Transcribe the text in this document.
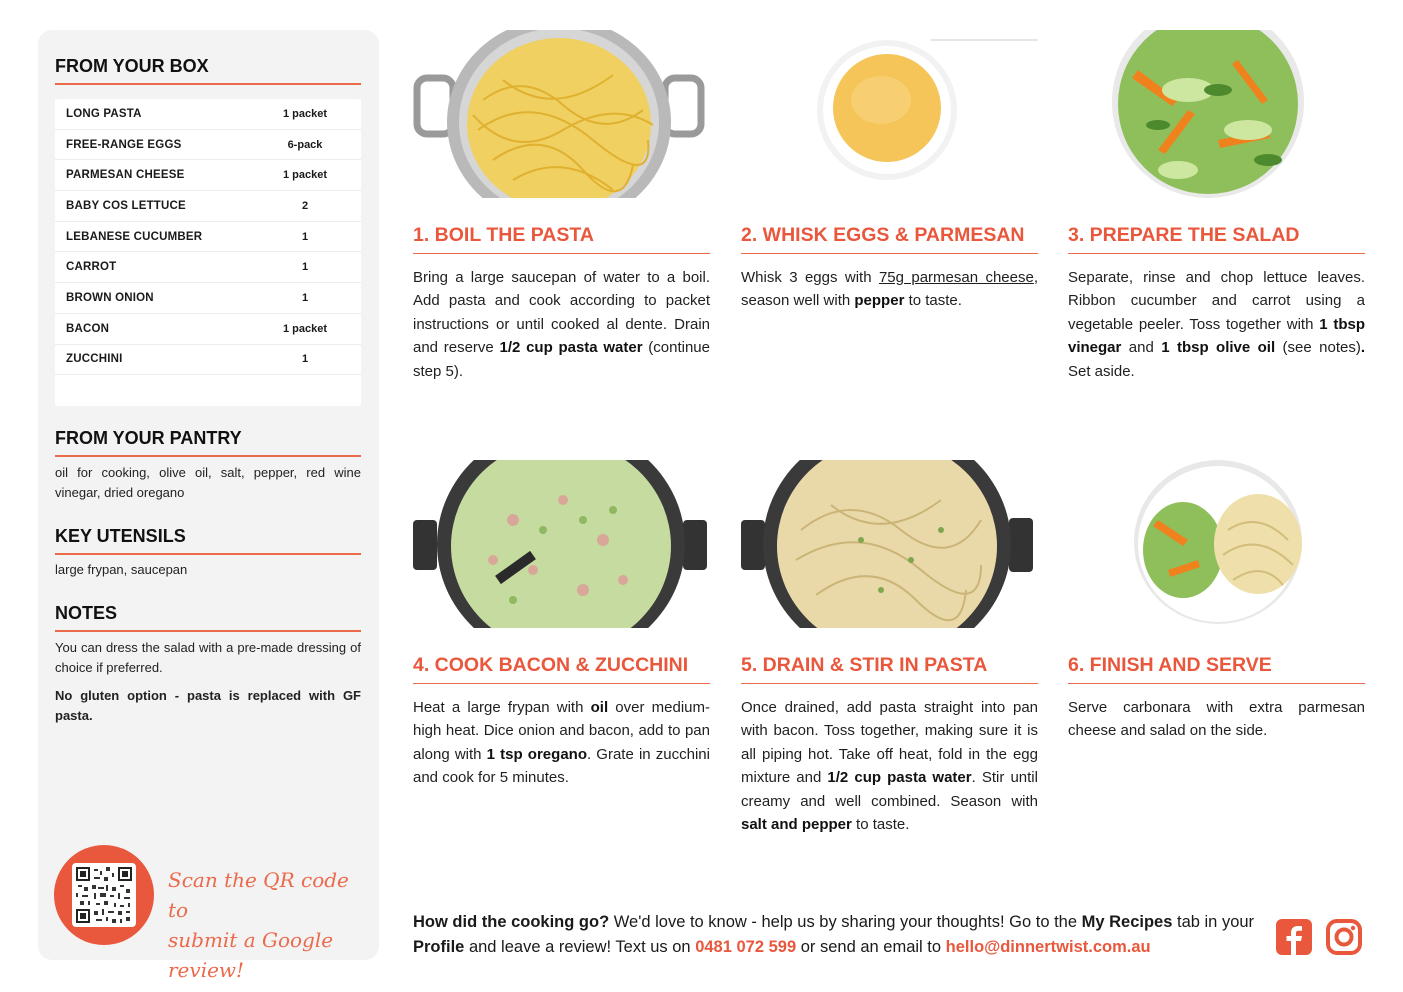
FROM YOUR BOX
LONG PASTA	1 packet
FREE-RANGE EGGS	6-pack
PARMESAN CHEESE	1 packet
BABY COS LETTUCE	2
LEBANESE CUCUMBER	1
CARROT	1
BROWN ONION	1
BACON	1 packet
ZUCCHINI	1
FROM YOUR PANTRY
oil for cooking, olive oil, salt, pepper, red wine vinegar, dried oregano
KEY UTENSILS
large frypan, saucepan
NOTES
You can dress the salad with a pre-made dressing of choice if preferred.
No gluten option - pasta is replaced with GF pasta.
Scan the QR code to
submit a Google review!
1. BOIL THE PASTA
Bring a large saucepan of water to a boil. Add pasta and cook according to packet instructions or until cooked al dente. Drain and reserve 1/2 cup pasta water (continue step 5).
2. WHISK EGGS & PARMESAN
Whisk 3 eggs with 75g parmesan cheese, season well with pepper to taste.
3. PREPARE THE SALAD
Separate, rinse and chop lettuce leaves. Ribbon cucumber and carrot using a vegetable peeler. Toss together with 1 tbsp vinegar and 1 tbsp olive oil (see notes). Set aside.
4. COOK BACON & ZUCCHINI
Heat a large frypan with oil over medium-high heat. Dice onion and bacon, add to pan along with 1 tsp oregano. Grate in zucchini and cook for 5 minutes.
5. DRAIN & STIR IN PASTA
Once drained, add pasta straight into pan with bacon. Toss together, making sure it is all piping hot. Take off heat, fold in the egg mixture and 1/2 cup pasta water. Stir until creamy and well combined. Season with salt and pepper to taste.
6. FINISH AND SERVE
Serve carbonara with extra parmesan cheese and salad on the side.
How did the cooking go? We'd love to know - help us by sharing your thoughts! Go to the My Recipes tab in your Profile and leave a review! Text us on 0481 072 599 or send an email to hello@dinnertwist.com.au
